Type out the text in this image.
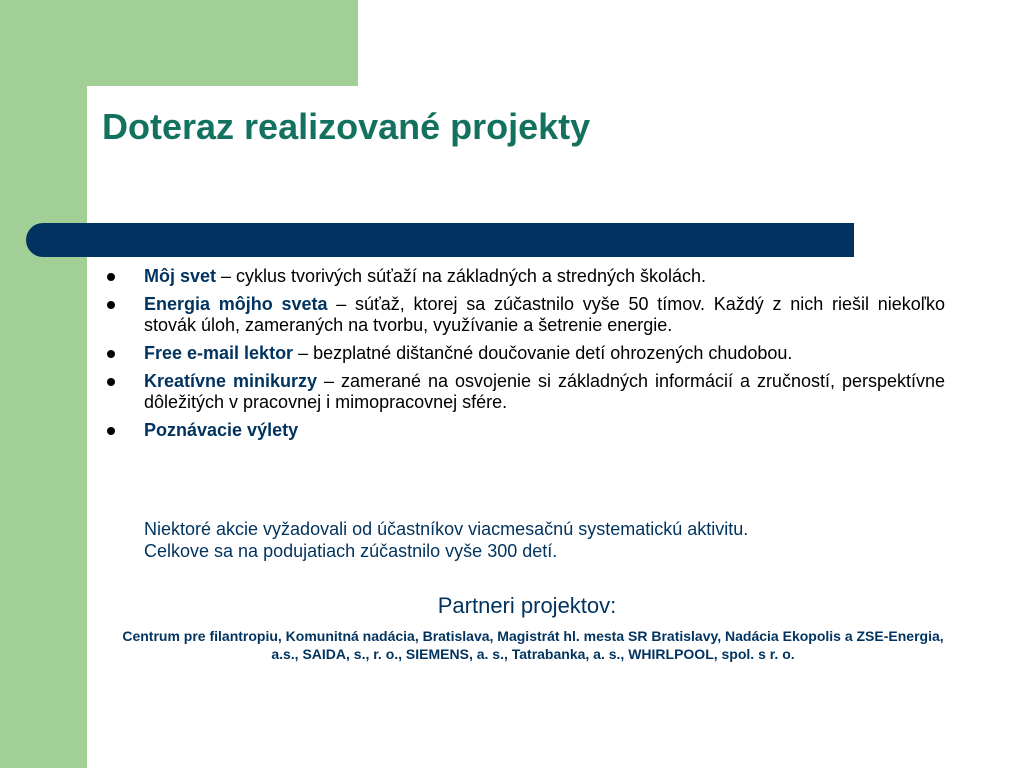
Doteraz realizované projekty
Môj svet – cyklus tvorivých súťaží na základných a stredných školách.
Energia môjho sveta – súťaž, ktorej sa zúčastnilo vyše 50 tímov. Každý z nich riešil niekoľko stovák úloh, zameraných na tvorbu, využívanie a šetrenie energie.
Free e-mail lektor – bezplatné dištančné doučovanie detí ohrozených chudobou.
Kreatívne minikurzy – zamerané na osvojenie si základných informácií a zručností, perspektívne dôležitých v pracovnej i mimopracovnej sfére.
Poznávacie výlety
Niektoré akcie vyžadovali od účastníkov viacmesačnú systematickú aktivitu.
Celkove sa na podujatiach zúčastnilo vyše 300 detí.
Partneri projektov:
Centrum pre filantropiu, Komunitná nadácia, Bratislava, Magistrát hl. mesta SR Bratislavy, Nadácia Ekopolis a ZSE-Energia, a.s., SAIDA, s., r. o., SIEMENS, a. s., Tatrabanka, a. s., WHIRLPOOL, spol. s r. o.
